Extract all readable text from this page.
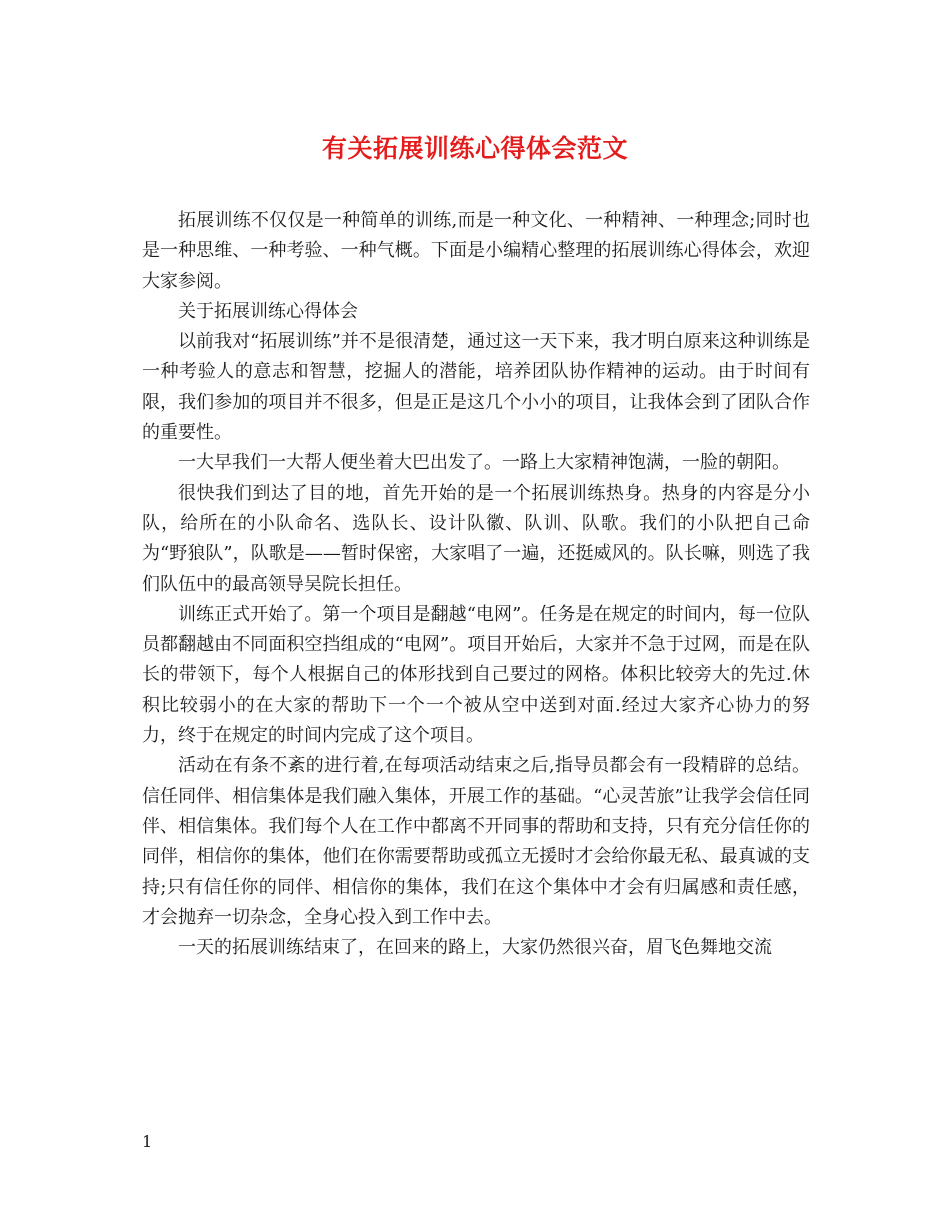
有关拓展训练心得体会范文

拓展训练不仅仅是一种简单的训练,而是一种文化、一种精神、一种理念;同时也是一种思维、一种考验、一种气概。下面是小编精心整理的拓展训练心得体会，欢迎大家参阅。

关于拓展训练心得体会

以前我对“拓展训练”并不是很清楚，通过这一天下来，我才明白原来这种训练是一种考验人的意志和智慧，挖掘人的潜能，培养团队协作精神的运动。由于时间有限，我们参加的项目并不很多，但是正是这几个小小的项目，让我体会到了团队合作的重要性。

一大早我们一大帮人便坐着大巴出发了。一路上大家精神饱满，一脸的朝阳。

很快我们到达了目的地，首先开始的是一个拓展训练热身。热身的内容是分小队，给所在的小队命名、选队长、设计队徽、队训、队歌。我们的小队把自己命为“野狼队”，队歌是——暂时保密，大家唱了一遍，还挺威风的。队长嘛，则选了我们队伍中的最高领导吴院长担任。

训练正式开始了。第一个项目是翻越“电网”。任务是在规定的时间内，每一位队员都翻越由不同面积空挡组成的“电网”。项目开始后，大家并不急于过网，而是在队长的带领下，每个人根据自己的体形找到自己要过的网格。体积比较旁大的先过.休积比较弱小的在大家的帮助下一个一个被从空中送到对面.经过大家齐心协力的努力，终于在规定的时间内完成了这个项目。

活动在有条不紊的进行着,在每项活动结束之后,指导员都会有一段精辟的总结。信任同伴、相信集体是我们融入集体，开展工作的基础。“心灵苦旅”让我学会信任同伴、相信集体。我们每个人在工作中都离不开同事的帮助和支持，只有充分信任你的同伴，相信你的集体，他们在你需要帮助或孤立无援时才会给你最无私、最真诚的支持;只有信任你的同伴、相信你的集体，我们在这个集体中才会有归属感和责任感，才会抛弃一切杂念，全身心投入到工作中去。

一天的拓展训练结束了，在回来的路上，大家仍然很兴奋，眉飞色舞地交流

1
